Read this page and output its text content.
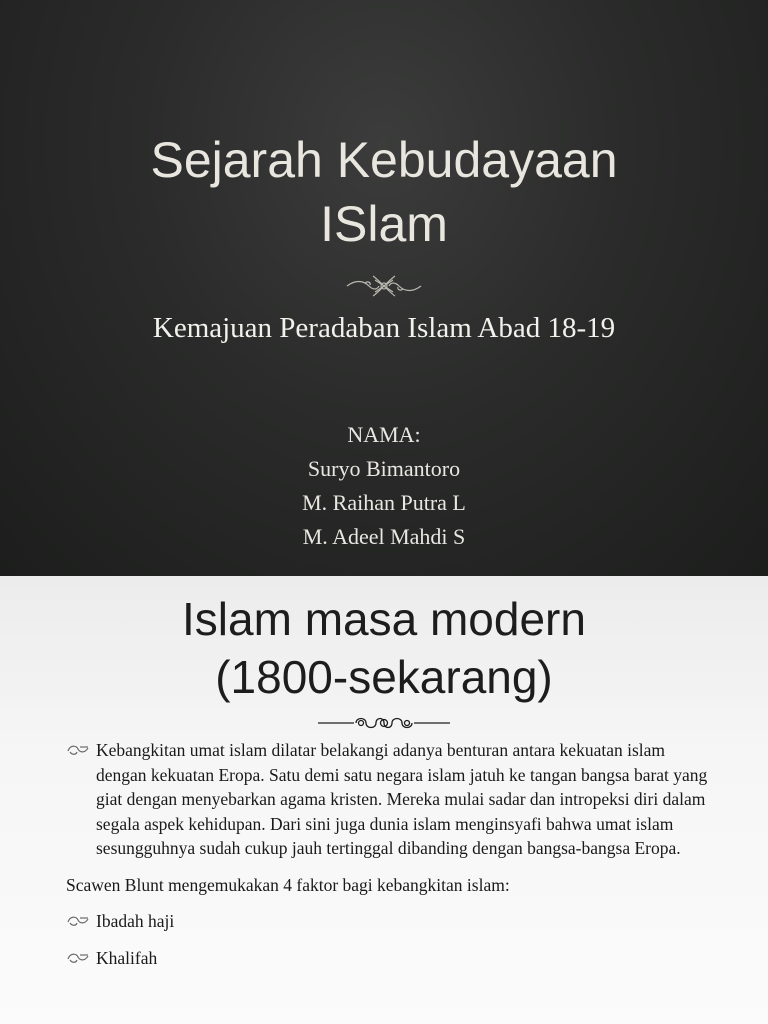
Sejarah Kebudayaan
ISlam
Kemajuan Peradaban Islam Abad 18-19
NAMA:
Suryo Bimantoro
M. Raihan Putra L
M. Adeel Mahdi S
Islam masa modern
(1800-sekarang)
Kebangkitan umat islam dilatar belakangi adanya benturan antara kekuatan islam dengan kekuatan Eropa. Satu demi satu negara islam jatuh ke tangan bangsa barat yang giat dengan menyebarkan agama kristen. Mereka mulai sadar dan intropeksi diri dalam segala aspek kehidupan. Dari sini juga dunia islam menginsyafi bahwa umat islam sesungguhnya sudah cukup jauh tertinggal dibanding dengan bangsa-bangsa Eropa.
Scawen Blunt mengemukakan 4 faktor bagi kebangkitan islam:
Ibadah haji
Khalifah
